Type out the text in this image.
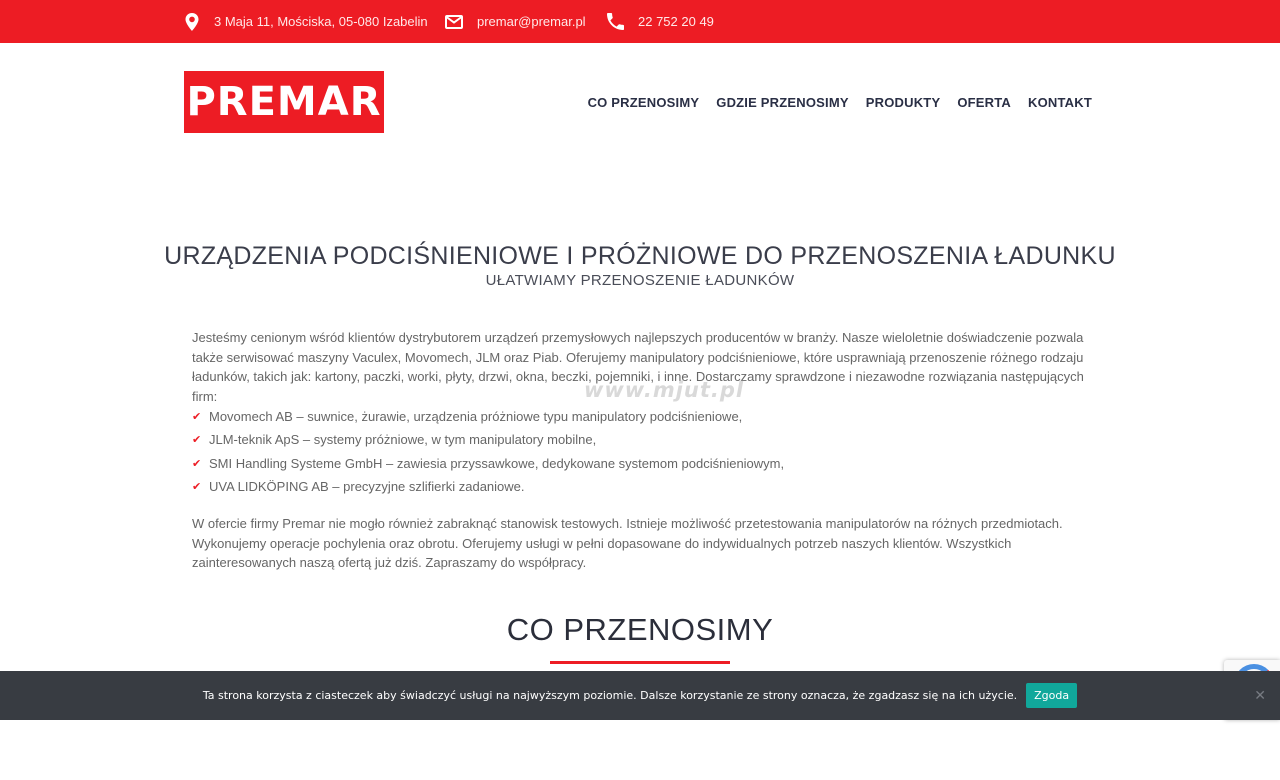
3 Maja 11, Mościska, 05-080 Izabelin	premar@premar.pl	22 752 20 49
PREMAR	CO PRZENOSIMY GDZIE PRZENOSIMY PRODUKTY OFERTA KONTAKT
URZĄDZENIA PODCIŚNIENIOWE I PRÓŻNIOWE DO PRZENOSZENIA ŁADUNKU
UŁATWIAMY PRZENOSZENIE ŁADUNKÓW

Jesteśmy cenionym wśród klientów dystrybutorem urządzeń przemysłowych najlepszych producentów w branży. Nasze wieloletnie doświadczenie pozwala także serwisować maszyny Vaculex, Movomech, JLM oraz Piab. Oferujemy manipulatory podciśnieniowe, które usprawniają przenoszenie różnego rodzaju ładunków, takich jak: kartony, paczki, worki, płyty, drzwi, okna, beczki, pojemniki, i inne. Dostarczamy sprawdzone i niezawodne rozwiązania następujących firm:	www.mjut.pl
✔ Movomech AB – suwnice, żurawie, urządzenia próżniowe typu manipulatory podciśnieniowe,
✔ JLM-teknik ApS – systemy próżniowe, w tym manipulatory mobilne,
✔ SMI Handling Systeme GmbH – zawiesia przyssawkowe, dedykowane systemom podciśnieniowym,
✔ UVA LIDKÖPING AB – precyzyjne szlifierki zadaniowe.

W ofercie firmy Premar nie mogło również zabraknąć stanowisk testowych. Istnieje możliwość przetestowania manipulatorów na różnych przedmiotach. Wykonujemy operacje pochylenia oraz obrotu. Oferujemy usługi w pełni dopasowane do indywidualnych potrzeb naszych klientów. Wszystkich zainteresowanych naszą ofertą już dziś. Zapraszamy do współpracy.

CO PRZENOSIMY
Ta strona korzysta z ciasteczek aby świadczyć usługi na najwyższym poziomie. Dalsze korzystanie ze strony oznacza, że zgadzasz się na ich użycie.	Zgoda	✕
